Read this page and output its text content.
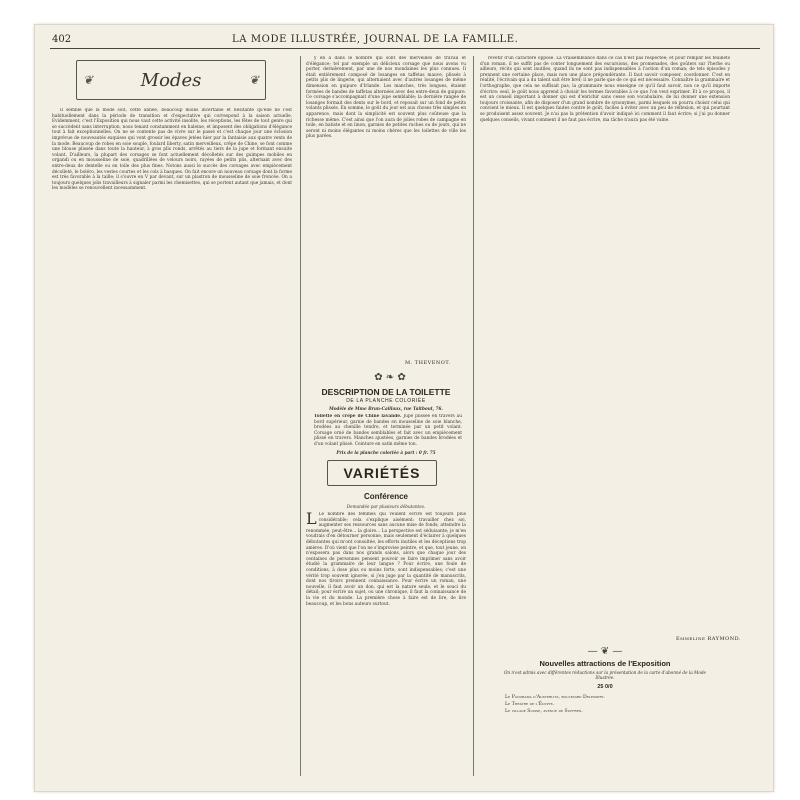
402	LA MODE ILLUSTRÉE, JOURNAL DE LA FAMILLE.
❦	Modes	❦

Il semble que la mode soit, cette année, beaucoup moins incertaine et hésitante qu'elle ne l'est habituellement dans la période de transition et d'expectative qui correspond à la saison actuelle. Evidemment, c'est l'Exposition qui nous vaut cette activité insolite, les réceptions, les fêtes de tout genre qui se succèdent sans interruption, nous tenant constamment en haleine, et imposent des obligations d'élégance tout à fait exceptionnelles. On ne se contente pas de vivre sur le passé et c'est chaque jour une éclosion imprévue de nouveautés exquises qui vont grossir les épaves jetées hier par la fantaisie aux quatre vents de la mode. Beaucoup de robes en soie souple, foulard liberty, satin merveilleux, crêpe de Chine, se font comme une blouse plissée dans toute la hauteur, à gros plis ronds, arrêtés au tiers de la jupe et formant ensuite volant. D'ailleurs, la plupart des corsages se font actuellement décolletés sur des guimpes mobiles en organdi ou en mousseline de soie, quadrillées de velours noirs, rayées de petits plis, alternant avec des entre-deux de dentelle ou en toile des plus fines. Notons aussi le succès des corsages avec empiècement décolleté, le boléro, les vestes courtes et les cols à basques. On fait encore un nouveau corsage dont la forme est très favorable à la taille; il s'ouvre en V par devant, sur un plastron de mousseline de soie froncée. On a toujours quelques jolis travailleurs à signaler parmi les chemisettes, qui se portent autant que jamais, et dont les modèles se renouvellent incessamment.

y en a dans le nombre qui sont des merveilles de travail et d'élégance; tel par exemple un délicieux corsage que nous avons vu porter, dernièrement, par une de nos mondaines les plus connues. Il était entièrement composé de losanges en taffetas mauve, plissés à petits plis de lingerie, qui alternaient avec d'autres losanges de même dimension en guipure d'Irlande. Les manches, très longues, étaient formées de bandes de taffetas alternées avec des entre-deux de guipure. Ce corsage s'accompagnait d'une jupe semblable; la dernière rangée de losanges formait des dents sur le bord, et reposait sur un fond de petits volants plissés. En somme, le goût du jour est aux choses très simples en apparence, mais dont la simplicité est souvent plus coûteuse que la richesse même. C'est ainsi que l'on aura de jolies robes de campagne en toile, en batiste et en linon, garnies de petites ruches ou de jours, qui ne seront ni moins élégantes ni moins chères que les toilettes de ville les plus parées.

M. THEVENOT.
✿ ❧ ✿
DESCRIPTION DE LA TOILETTE
DE LA PLANCHE COLORIÉE
Modèle de Mme Brun-Caillaux, rue Taitbout, 76.

Toilette en crêpe de Chine lavande. Jupe plissée en travers au bord supérieur, garnie de bandes en mousseline de soie blanche, brodées au chenille tendre, et terminée par un petit volant. Corsage orné de bandes semblables et fait avec un empiècement plissé en travers. Manches ajustées, garnies de bandes brodées et d'un volant plissé. Ceinture en satin même ton.

Prix de la planche coloriée à part : 0 fr. 75
VARIÉTÉS
Conférence
Demandée par plusieurs débutantes.
L Le nombre des femmes qui veulent écrire est toujours plus considérable; cela s'explique aisément: travailler chez soi, augmenter ses ressources sans aucune mise de fonds; atteindre la renommée, peut-être... la gloire... La perspective est séduisante; je m'en voudrais d'en détourner personne, mais seulement d'éclairer à quelques débutantes qui m'ont consultée, les efforts inutiles et les déceptions trop amères. D'où vient que l'on ne s'improvise peintre, et que, tout jeune, on n'exposera pas dans nos grands salons, alors que chaque jour des centaines de personnes pensent pouvoir se faire imprimer sans avoir étudié la grammaire de leur langue ? Pour écrire, une foule de conditions, à dose plus ou moins forte, sont indispensables; c'est une vérité trop souvent ignorée, si j'en juge par la quantité de manuscrits, dont nos tiroirs prennent connaissance. Pour écrire un roman, une nouvelle, il faut avoir un don, qui est la nature seule, et le souci du détail; pour écrire un sujet, ou une chronique, il faut la connaissance de la vie et du monde. La première chose à faire est de lire, de lire beaucoup, et les bons auteurs surtout.

revêtir d'un caractère opposé. La vraisemblance dans ce cas n'est pas respectée; et pour remplir les feuillets d'un roman, il ne suffit pas de conter longuement des excursions, des promenades, des goûters sur l'herbe ou ailleurs, récits qui sont inutiles, quand ils ne sont pas indispensables à l'action d'un roman; de tels épisodes y prennent une certaine place, mais non une place prépondérante. Il faut savoir composer, coordonner. C'est en réalité, l'écrivain qui a du talent sait être bref; il ne parle que de ce qui est nécessaire. Connaître la grammaire et l'orthographe, que cela ne suffisait pas; la grammaire nous enseigne ce qu'il faut savoir, non ce qu'il importe d'écrire: seul, le goût nous apprend à choisir les termes favorables à ce que l'on veut exprimer. Et à ce propos, il est un conseil important à donner qui est d'enrichir sans cesse son vocabulaire, de lui donner une extension toujours croissante, afin de disposer d'un grand nombre de synonymes, parmi lesquels on pourra choisir celui qui convient le mieux. Il est quelques fautes contre le goût, faciles à éviter avec un peu de réflexion, et qui pourtant se produisent assez souvent. Je n'ai pas la prétention d'avoir indiqué ici comment il faut écrire; si j'ai pu donner quelques conseils, vivant comment il ne faut pas écrire, ma tâche n'aura pas été vaine.

Emmeline RAYMOND.
— ❦ —
Nouvelles attractions de l'Exposition
On n'est admis avec différentes réductions sur la présentation de la carte d'abonné de la Mode Illustrée.
25 0/0
Le Panorama d'Austerlitz, boulevard Delessert.
Le Théâtre de l'Égypte.
Le village Suisse, avenue de Suffren.
